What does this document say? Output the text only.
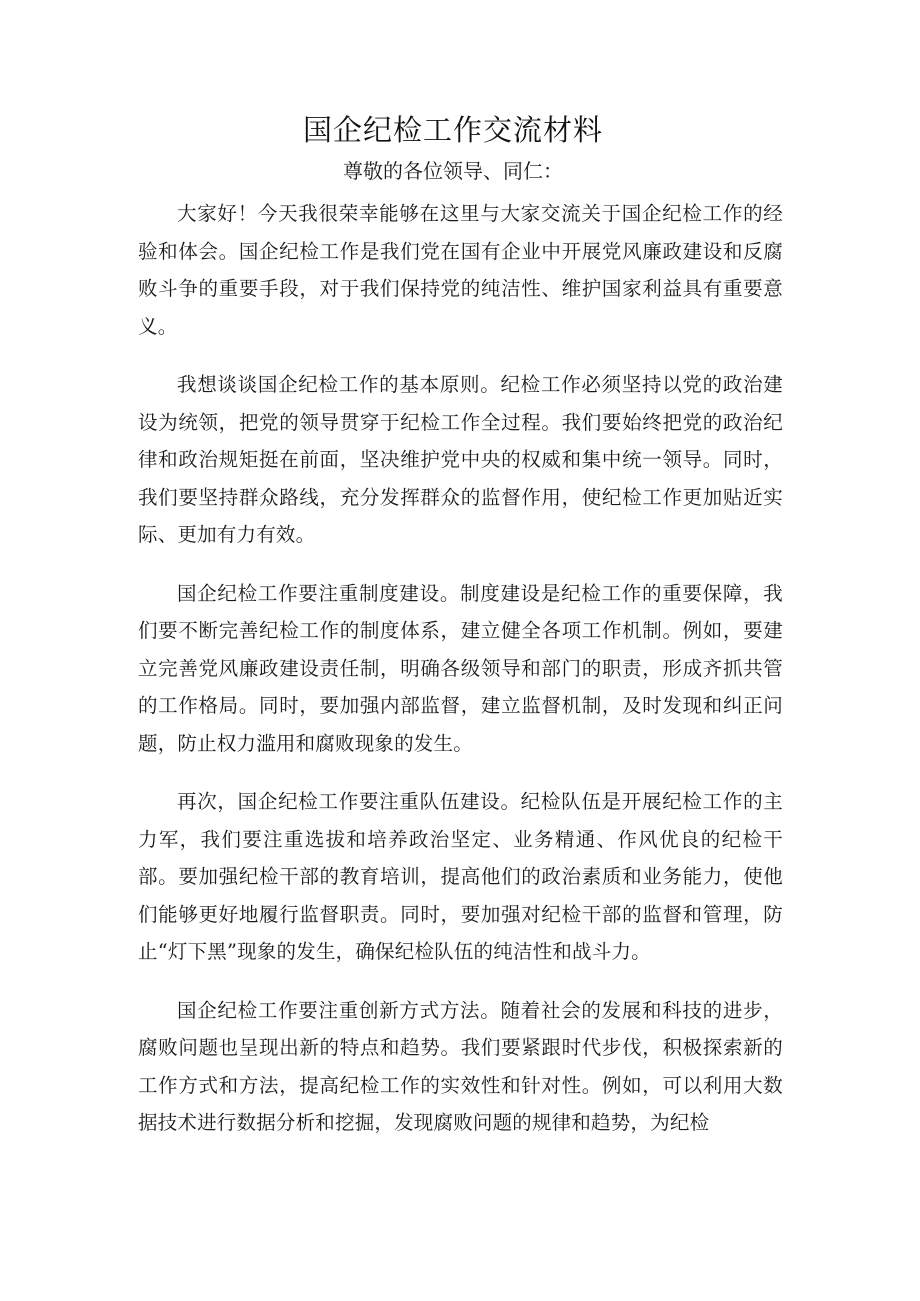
国企纪检工作交流材料

尊敬的各位领导、同仁：

大家好！今天我很荣幸能够在这里与大家交流关于国企纪检工作的经验和体会。国企纪检工作是我们党在国有企业中开展党风廉政建设和反腐败斗争的重要手段，对于我们保持党的纯洁性、维护国家利益具有重要意义。

我想谈谈国企纪检工作的基本原则。纪检工作必须坚持以党的政治建设为统领，把党的领导贯穿于纪检工作全过程。我们要始终把党的政治纪律和政治规矩挺在前面，坚决维护党中央的权威和集中统一领导。同时，我们要坚持群众路线，充分发挥群众的监督作用，使纪检工作更加贴近实际、更加有力有效。

国企纪检工作要注重制度建设。制度建设是纪检工作的重要保障，我们要不断完善纪检工作的制度体系，建立健全各项工作机制。例如，要建立完善党风廉政建设责任制，明确各级领导和部门的职责，形成齐抓共管的工作格局。同时，要加强内部监督，建立监督机制，及时发现和纠正问题，防止权力滥用和腐败现象的发生。

再次，国企纪检工作要注重队伍建设。纪检队伍是开展纪检工作的主力军，我们要注重选拔和培养政治坚定、业务精通、作风优良的纪检干部。要加强纪检干部的教育培训，提高他们的政治素质和业务能力，使他们能够更好地履行监督职责。同时，要加强对纪检干部的监督和管理，防止“灯下黑”现象的发生，确保纪检队伍的纯洁性和战斗力。

国企纪检工作要注重创新方式方法。随着社会的发展和科技的进步，腐败问题也呈现出新的特点和趋势。我们要紧跟时代步伐，积极探索新的工作方式和方法，提高纪检工作的实效性和针对性。例如，可以利用大数据技术进行数据分析和挖掘，发现腐败问题的规律和趋势，为纪检
